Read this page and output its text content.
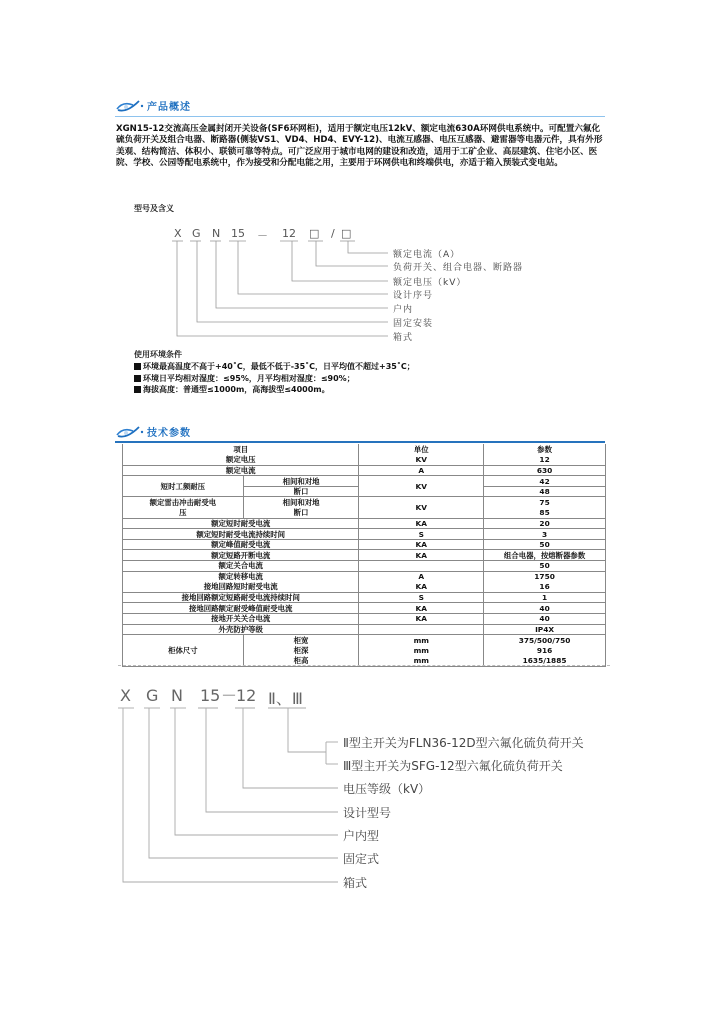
产品概述

XGN15-12交流高压金属封闭开关设备(SF6环网柜)，适用于额定电压12kV、额定电流630A环网供电系统中。可配置六氟化硫负荷开关及组合电器、断路器(侧装VS1、VD4、HD4、EVY-12)、电流互感器、电压互感器、避雷器等电器元件，具有外形美观、结构简洁、体积小、联锁可靠等特点。可广泛应用于城市电网的建设和改造，适用于工矿企业、高层建筑、住宅小区、医院、学校、公园等配电系统中，作为接受和分配电能之用，主要用于环网供电和终端供电，亦适于箱入预装式变电站。

型号及含义
X G N 15 － 12 □ / □
额定电流（A）
负荷开关、组合电器、断路器
额定电压（kV）
设计序号
户内
固定安装
箱式
使用环境条件
环境最高温度不高于+40˚C，最低不低于-35˚C，日平均值不超过+35˚C；
环境日平均相对湿度：≤95%，月平均相对湿度：≤90%；
海拔高度：普通型≤1000m，高海拔型≤4000m。
技术参数
项目		单位	参数
额定电压		KV	12
额定电流		A	630
短时工频耐压	相间和对地	KV	42
	断口		48
额定雷击冲击耐受电	相间和对地	KV	75
压	断口		85
额定短时耐受电流		KA	20
额定短时耐受电流持续时间		S	3
额定峰值耐受电流		KA	50
额定短路开断电流		KA	组合电器，按熔断器参数
额定关合电流			50
额定转移电流		A	1750
接地回路短时耐受电流		KA	16
接地回路额定短路耐受电流持续时间		S	1
接地回路额定耐受峰值耐受电流		KA	40
接地开关关合电流		KA	40
外壳防护等级			IP4X
柜体尺寸	柜宽	mm	375/500/750
	柜深	mm	916
	柜高	mm	1635/1885
X G N 15 －
12 Ⅱ、Ⅲ
Ⅱ型主开关为FLN36-12D型六氟化硫负荷开关
Ⅲ型主开关为SFG-12型六氟化硫负荷开关
电压等级（kV）
设计型号
户内型
固定式
箱式
